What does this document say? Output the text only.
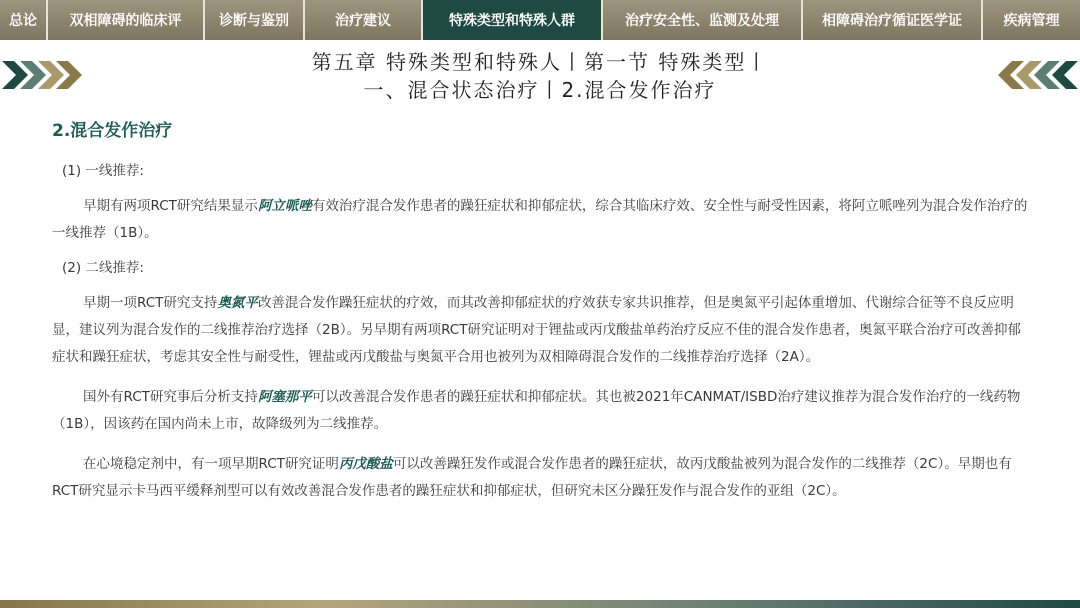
总论	双相障碍的临床评	诊断与鉴别	治疗建议	特殊类型和特殊人群	治疗安全性、监测及处理	相障碍治疗循证医学证	疾病管理
第五章 特殊类型和特殊人丨第一节 特殊类型丨
一、混合状态治疗丨2.混合发作治疗
2.混合发作治疗

(1) 一线推荐:

早期有两项RCT研究结果显示阿立哌唑有效治疗混合发作患者的躁狂症状和抑郁症状，综合其临床疗效、安全性与耐受性因素，将阿立哌唑列为混合发作治疗的一线推荐（1B）。

(2) 二线推荐:

早期一项RCT研究支持奥氮平改善混合发作躁狂症状的疗效，而其改善抑郁症状的疗效获专家共识推荐，但是奥氮平引起体重增加、代谢综合征等不良反应明显，建议列为混合发作的二线推荐治疗选择（2B）。另早期有两项RCT研究证明对于锂盐或丙戊酸盐单药治疗反应不佳的混合发作患者，奥氮平联合治疗可改善抑郁症状和躁狂症状，考虑其安全性与耐受性，锂盐或丙戊酸盐与奥氮平合用也被列为双相障碍混合发作的二线推荐治疗选择（2A）。

国外有RCT研究事后分析支持阿塞那平可以改善混合发作患者的躁狂症状和抑郁症状。其也被2021年CANMAT/ISBD治疗建议推荐为混合发作治疗的一线药物（1B），因该药在国内尚未上市，故降级列为二线推荐。

在心境稳定剂中，有一项早期RCT研究证明丙戊酸盐可以改善躁狂发作或混合发作患者的躁狂症状，故丙戊酸盐被列为混合发作的二线推荐（2C）。早期也有RCT研究显示卡马西平缓释剂型可以有效改善混合发作患者的躁狂症状和抑郁症状，但研究未区分躁狂发作与混合发作的亚组（2C）。
